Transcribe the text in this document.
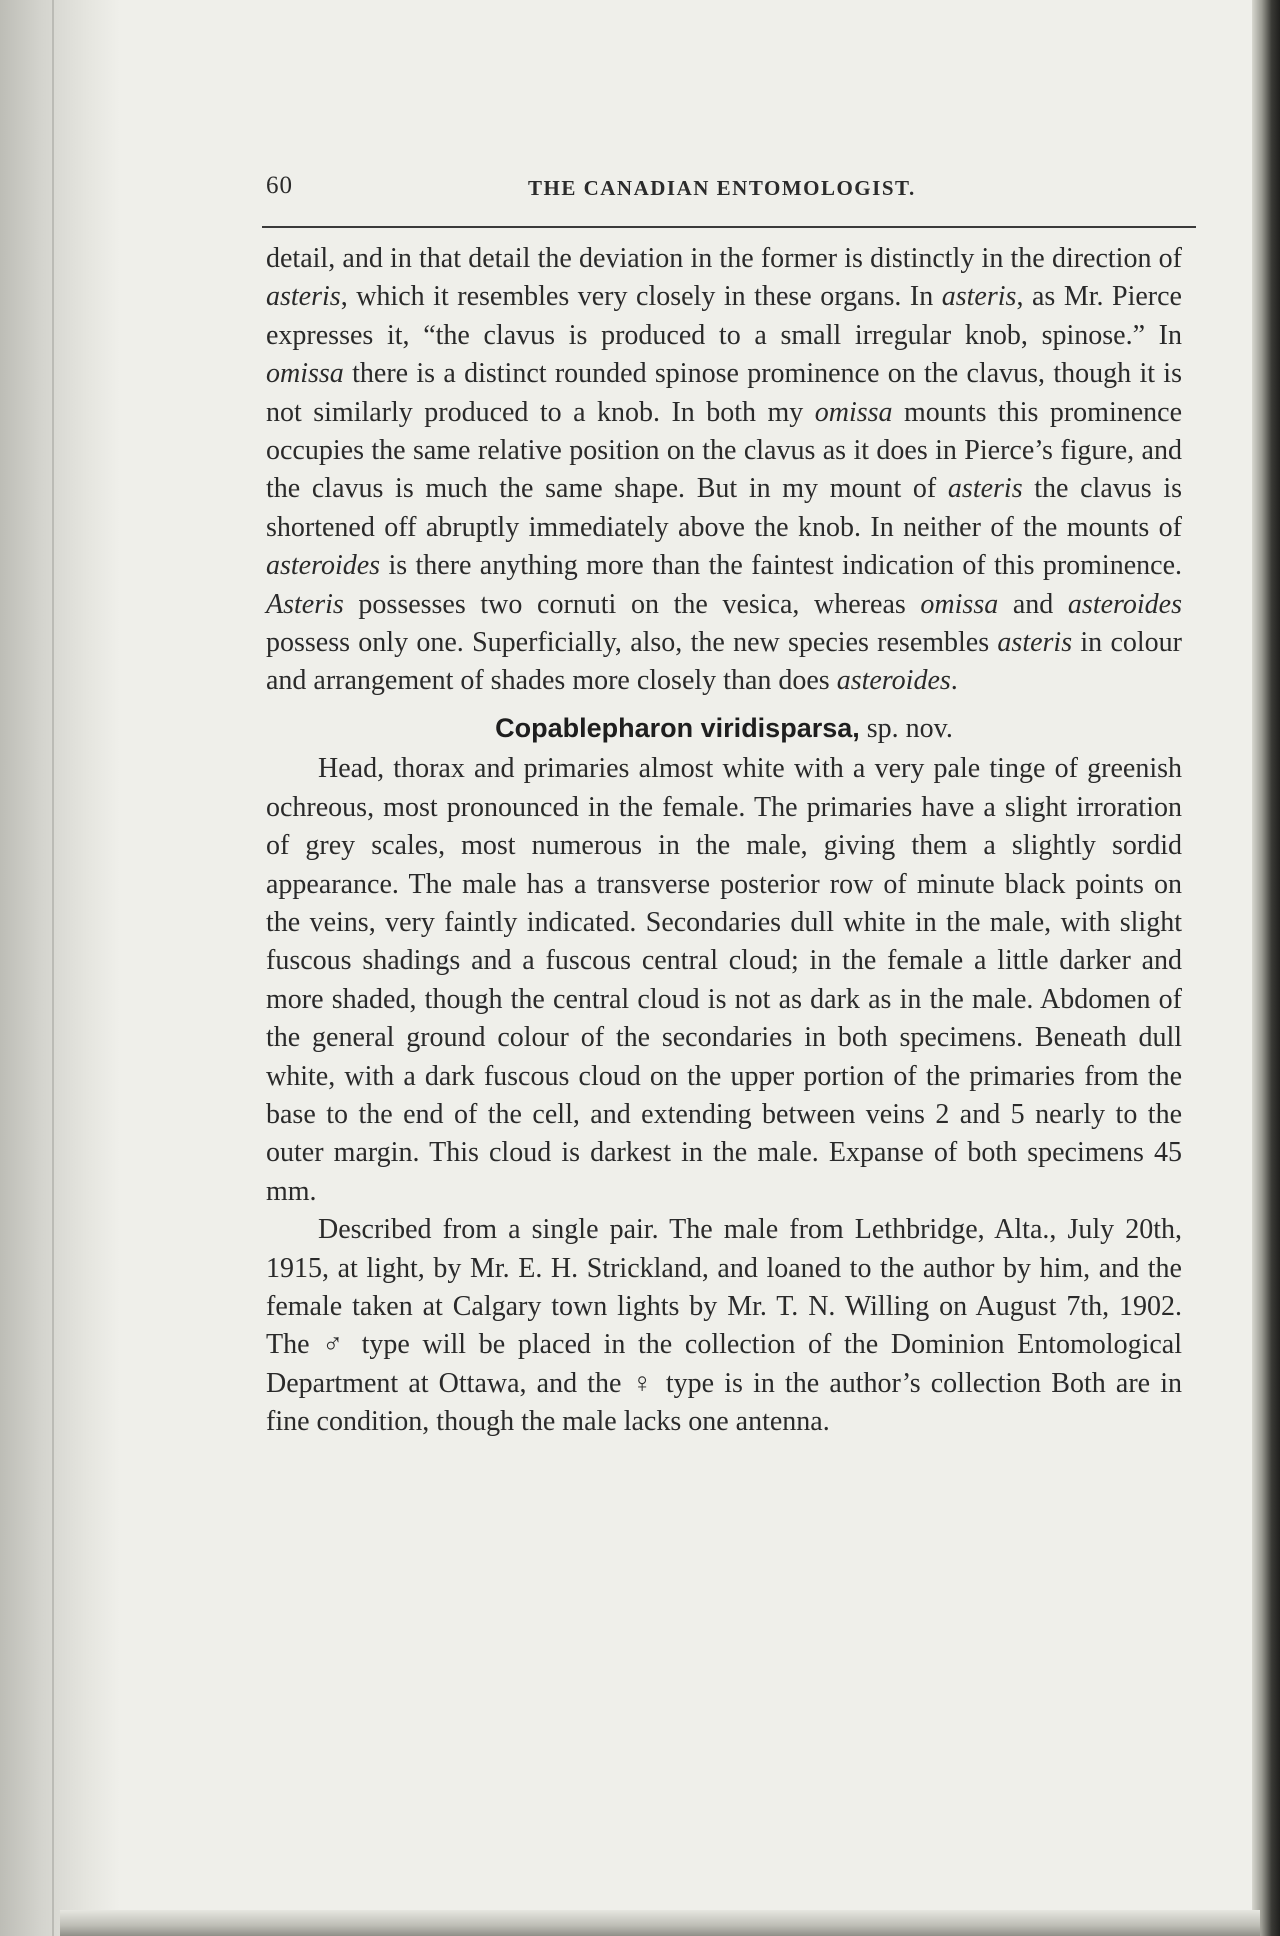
60	THE CANADIAN ENTOMOLOGIST.

detail, and in that detail the deviation in the former is distinctly in the direction of asteris, which it resembles very closely in these organs. In asteris, as Mr. Pierce expresses it, “the clavus is produced to a small irregular knob, spinose.” In omissa there is a distinct rounded spinose prominence on the clavus, though it is not similarly produced to a knob. In both my omissa mounts this prominence occupies the same relative position on the clavus as it does in Pierce’s figure, and the clavus is much the same shape. But in my mount of asteris the clavus is shortened off abruptly immediately above the knob. In neither of the mounts of asteroides is there anything more than the faintest indication of this prominence. Asteris possesses two cornuti on the vesica, whereas omissa and asteroides possess only one. Superficially, also, the new species resembles asteris in colour and arrangement of shades more closely than does asteroides.

Copablepharon viridisparsa, sp. nov.

Head, thorax and primaries almost white with a very pale tinge of greenish ochreous, most pronounced in the female. The primaries have a slight irroration of grey scales, most numerous in the male, giving them a slightly sordid appearance. The male has a transverse posterior row of minute black points on the veins, very faintly indicated. Secondaries dull white in the male, with slight fuscous shadings and a fuscous central cloud; in the female a little darker and more shaded, though the central cloud is not as dark as in the male. Abdomen of the general ground colour of the secondaries in both specimens. Beneath dull white, with a dark fuscous cloud on the upper portion of the primaries from the base to the end of the cell, and extending between veins 2 and 5 nearly to the outer margin. This cloud is darkest in the male. Expanse of both specimens 45 mm.

Described from a single pair. The male from Lethbridge, Alta., July 20th, 1915, at light, by Mr. E. H. Strickland, and loaned to the author by him, and the female taken at Calgary town lights by Mr. T. N. Willing on August 7th, 1902. The ♂ type will be placed in the collection of the Dominion Entomological Department at Ottawa, and the ♀ type is in the author’s collection Both are in fine condition, though the male lacks one antenna.
